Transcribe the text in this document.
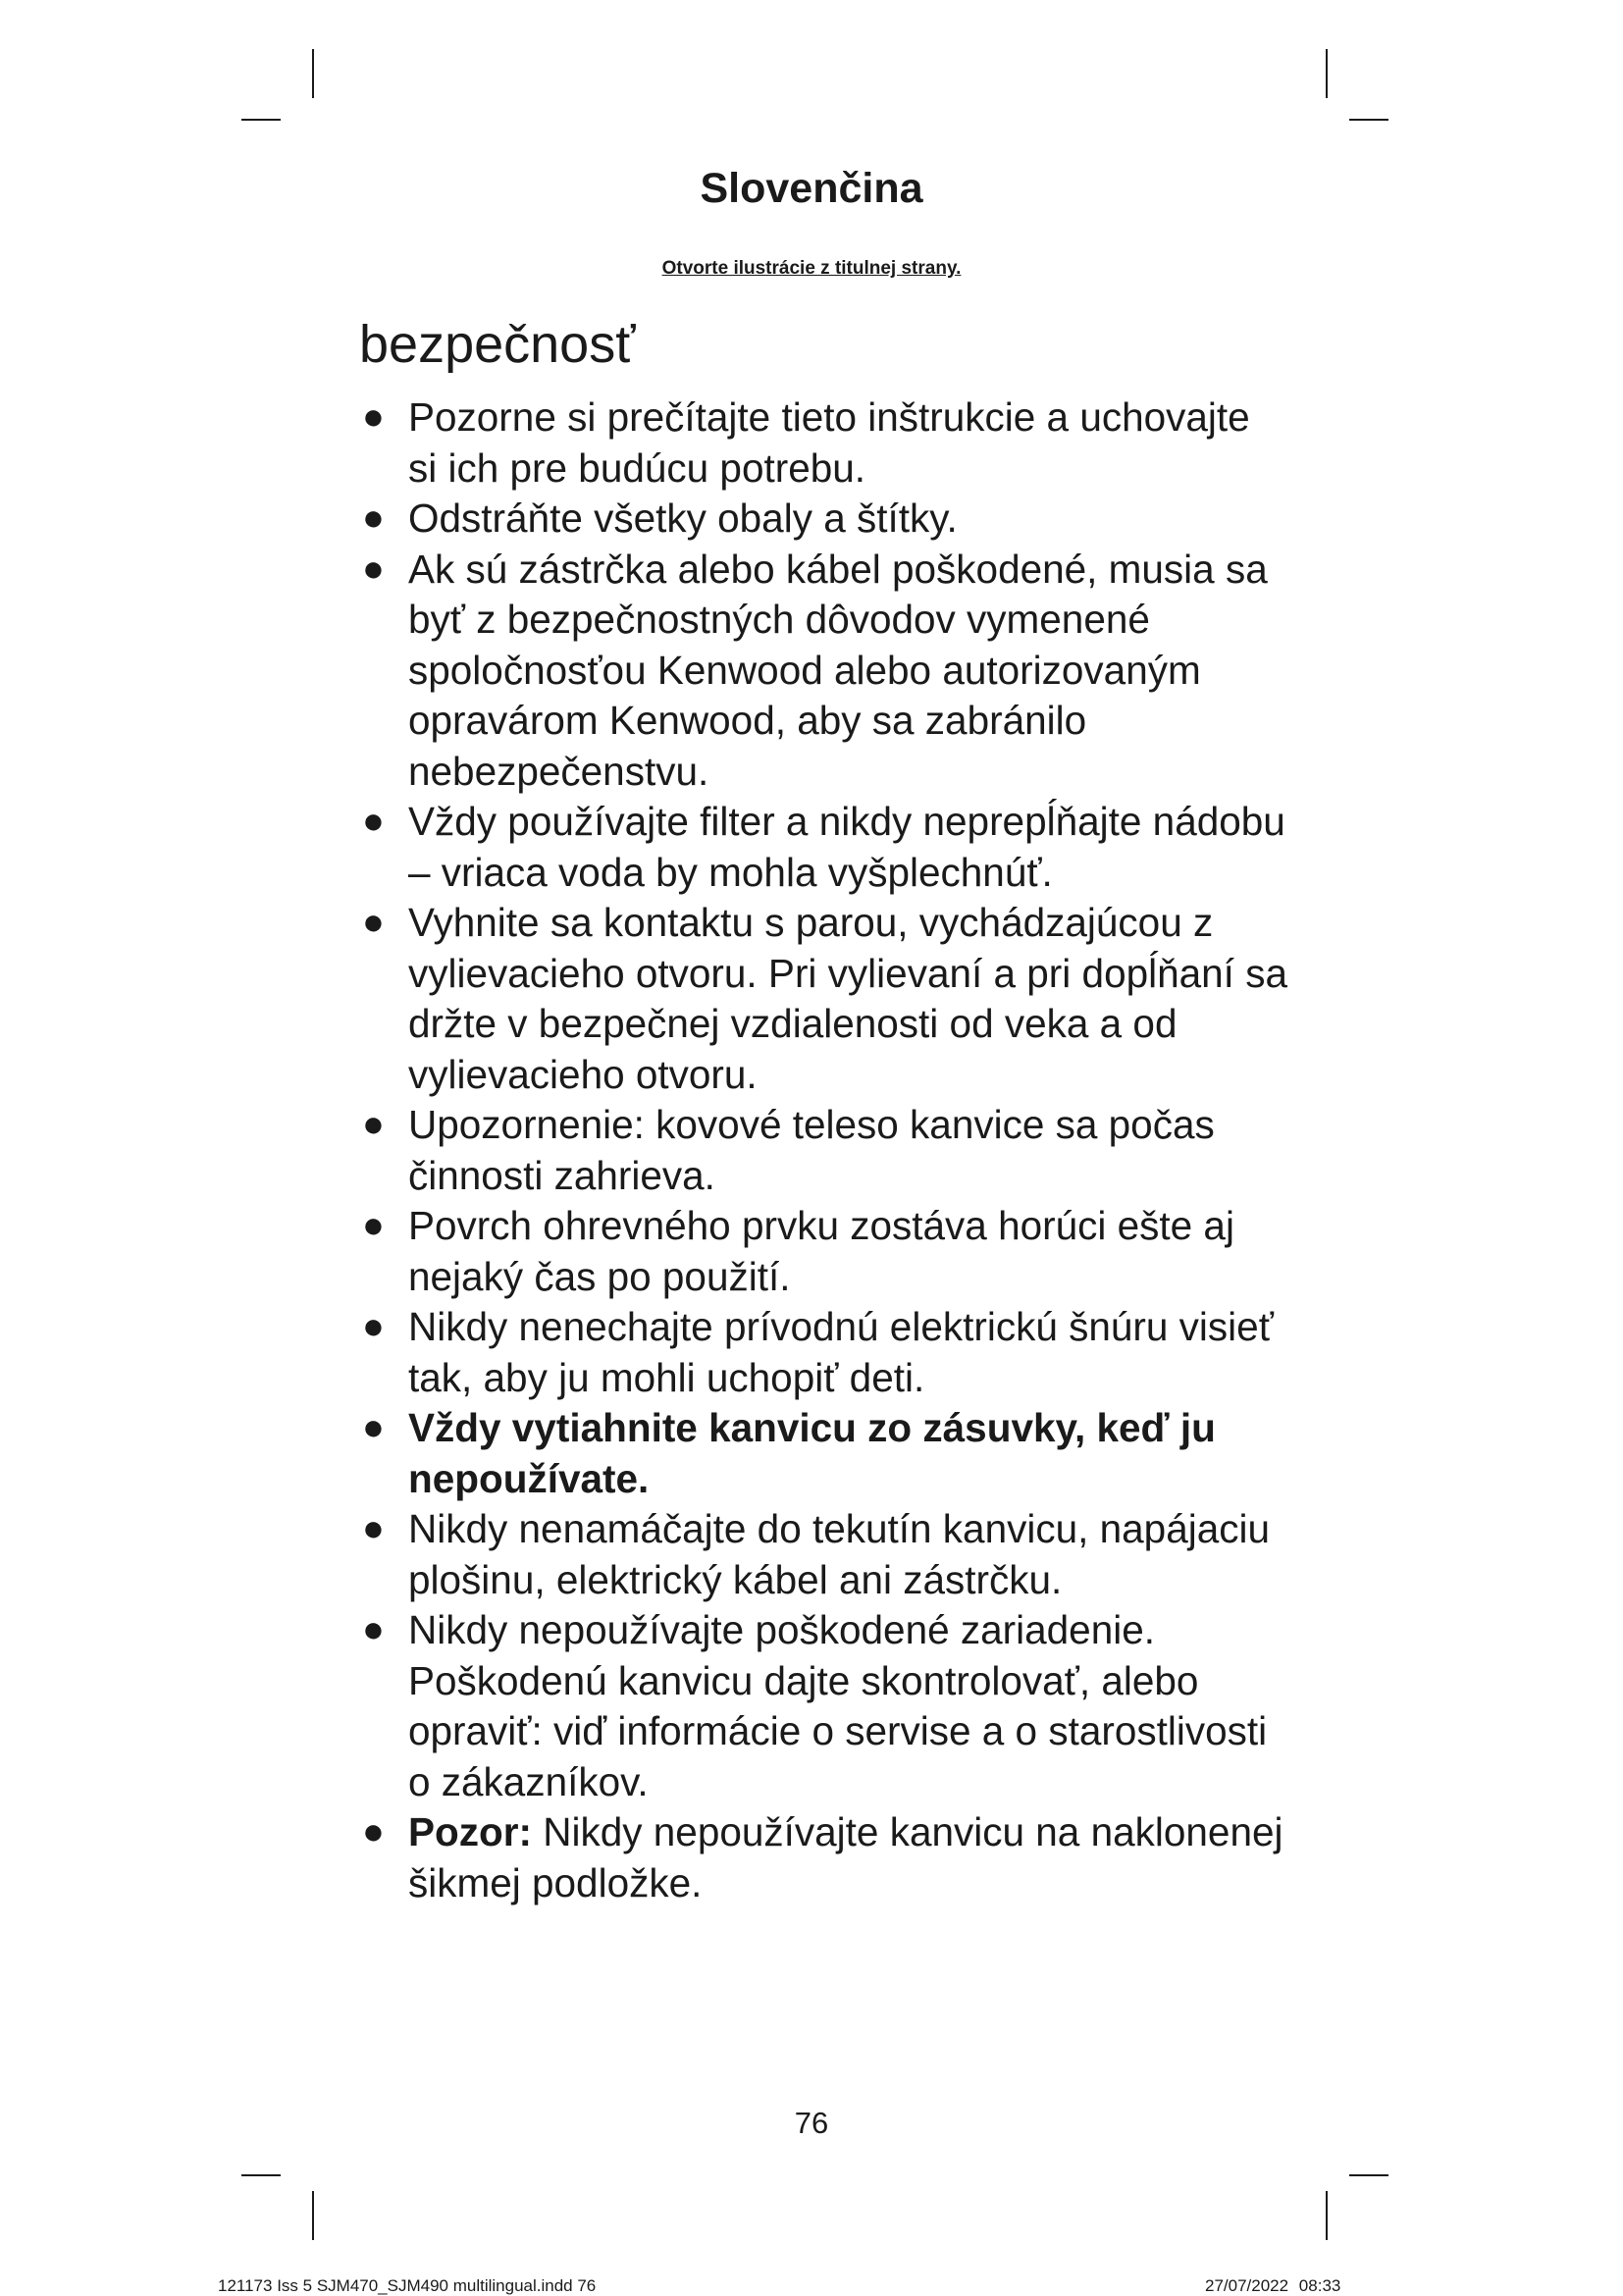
Slovenčina

Otvorte ilustrácie z titulnej strany.

bezpečnosť
● Pozorne si prečítajte tieto inštrukcie a uchovajte si ich pre budúcu potrebu.
● Odstráňte všetky obaly a štítky.
● Ak sú zástrčka alebo kábel poškodené, musia sa byť z bezpečnostných dôvodov vymenené spoločnosťou Kenwood alebo autorizovaným opravárom Kenwood, aby sa zabránilo nebezpečenstvu.
● Vždy používajte filter a nikdy neprepĺňajte nádobu – vriaca voda by mohla vyšplechnúť.
● Vyhnite sa kontaktu s parou, vychádzajúcou z vylievacieho otvoru. Pri vylievaní a pri dopĺňaní sa držte v bezpečnej vzdialenosti od veka a od vylievacieho otvoru.
● Upozornenie: kovové teleso kanvice sa počas činnosti zahrieva.
● Povrch ohrevného prvku zostáva horúci ešte aj nejaký čas po použití.
● Nikdy nenechajte prívodnú elektrickú šnúru visieť tak, aby ju mohli uchopiť deti.
● Vždy vytiahnite kanvicu zo zásuvky, keď ju nepoužívate.
● Nikdy nenamáčajte do tekutín kanvicu, napájaciu plošinu, elektrický kábel ani zástrčku.
● Nikdy nepoužívajte poškodené zariadenie. Poškodenú kanvicu dajte skontrolovať, alebo opraviť: viď informácie o servise a o starostlivosti o zákazníkov.
● Pozor: Nikdy nepoužívajte kanvicu na naklonenej šikmej podložke.
76
121173 Iss 5 SJM470_SJM490 multilingual.indd 76	27/07/2022 08:33
